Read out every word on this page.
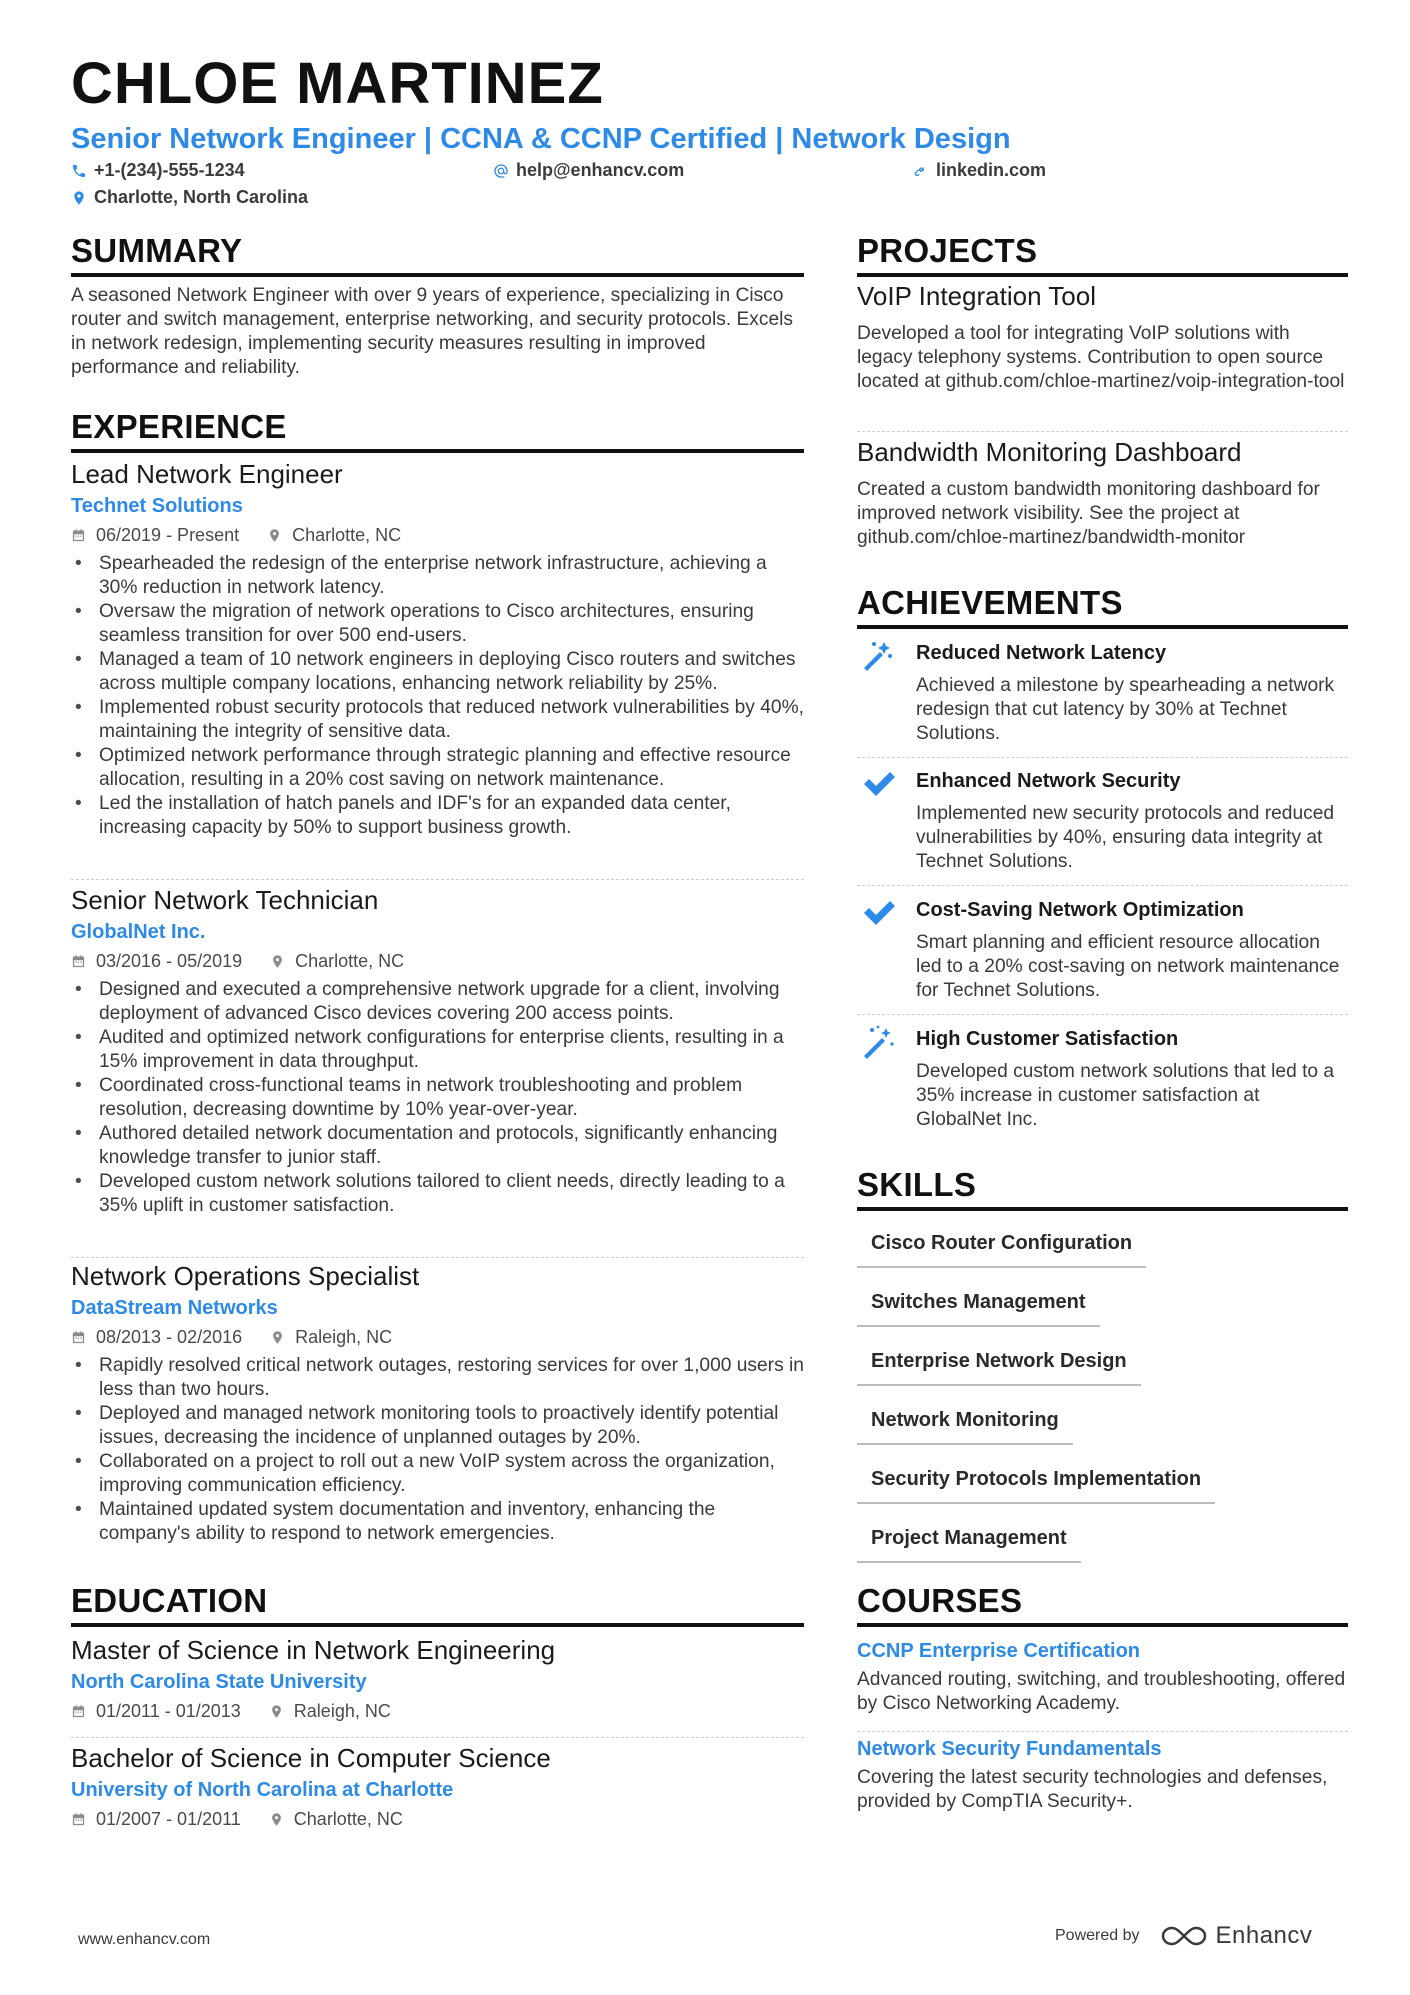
CHLOE MARTINEZ
Senior Network Engineer | CCNA & CCNP Certified | Network Design
+1-(234)-555-1234	help@enhancv.com	linkedin.com
Charlotte, North Carolina
SUMMARY
A seasoned Network Engineer with over 9 years of experience, specializing in Cisco router and switch management, enterprise networking, and security protocols. Excels in network redesign, implementing security measures resulting in improved performance and reliability.
EXPERIENCE
Lead Network Engineer
Technet Solutions
06/2019 - Present	Charlotte, NC
• Spearheaded the redesign of the enterprise network infrastructure, achieving a 30% reduction in network latency.
• Oversaw the migration of network operations to Cisco architectures, ensuring seamless transition for over 500 end-users.
• Managed a team of 10 network engineers in deploying Cisco routers and switches across multiple company locations, enhancing network reliability by 25%.
• Implemented robust security protocols that reduced network vulnerabilities by 40%, maintaining the integrity of sensitive data.
• Optimized network performance through strategic planning and effective resource allocation, resulting in a 20% cost saving on network maintenance.
• Led the installation of hatch panels and IDF's for an expanded data center, increasing capacity by 50% to support business growth.
Senior Network Technician
GlobalNet Inc.
03/2016 - 05/2019	Charlotte, NC
• Designed and executed a comprehensive network upgrade for a client, involving deployment of advanced Cisco devices covering 200 access points.
• Audited and optimized network configurations for enterprise clients, resulting in a 15% improvement in data throughput.
• Coordinated cross-functional teams in network troubleshooting and problem resolution, decreasing downtime by 10% year-over-year.
• Authored detailed network documentation and protocols, significantly enhancing knowledge transfer to junior staff.
• Developed custom network solutions tailored to client needs, directly leading to a 35% uplift in customer satisfaction.
Network Operations Specialist
DataStream Networks
08/2013 - 02/2016	Raleigh, NC
• Rapidly resolved critical network outages, restoring services for over 1,000 users in less than two hours.
• Deployed and managed network monitoring tools to proactively identify potential issues, decreasing the incidence of unplanned outages by 20%.
• Collaborated on a project to roll out a new VoIP system across the organization, improving communication efficiency.
• Maintained updated system documentation and inventory, enhancing the company's ability to respond to network emergencies.
EDUCATION
Master of Science in Network Engineering
North Carolina State University
01/2011 - 01/2013	Raleigh, NC
Bachelor of Science in Computer Science
University of North Carolina at Charlotte
01/2007 - 01/2011	Charlotte, NC
PROJECTS
VoIP Integration Tool
Developed a tool for integrating VoIP solutions with legacy telephony systems. Contribution to open source located at github.com/chloe-martinez/voip-integration-tool
Bandwidth Monitoring Dashboard
Created a custom bandwidth monitoring dashboard for improved network visibility. See the project at github.com/chloe-martinez/bandwidth-monitor
ACHIEVEMENTS
Reduced Network Latency
Achieved a milestone by spearheading a network redesign that cut latency by 30% at Technet Solutions.
Enhanced Network Security
Implemented new security protocols and reduced vulnerabilities by 40%, ensuring data integrity at Technet Solutions.
Cost-Saving Network Optimization
Smart planning and efficient resource allocation led to a 20% cost-saving on network maintenance for Technet Solutions.
High Customer Satisfaction
Developed custom network solutions that led to a 35% increase in customer satisfaction at GlobalNet Inc.
SKILLS
Cisco Router Configuration
Switches Management
Enterprise Network Design
Network Monitoring
Security Protocols Implementation
Project Management
COURSES
CCNP Enterprise Certification
Advanced routing, switching, and troubleshooting, offered by Cisco Networking Academy.
Network Security Fundamentals
Covering the latest security technologies and defenses, provided by CompTIA Security+.
www.enhancv.com	Powered by	Enhancv
